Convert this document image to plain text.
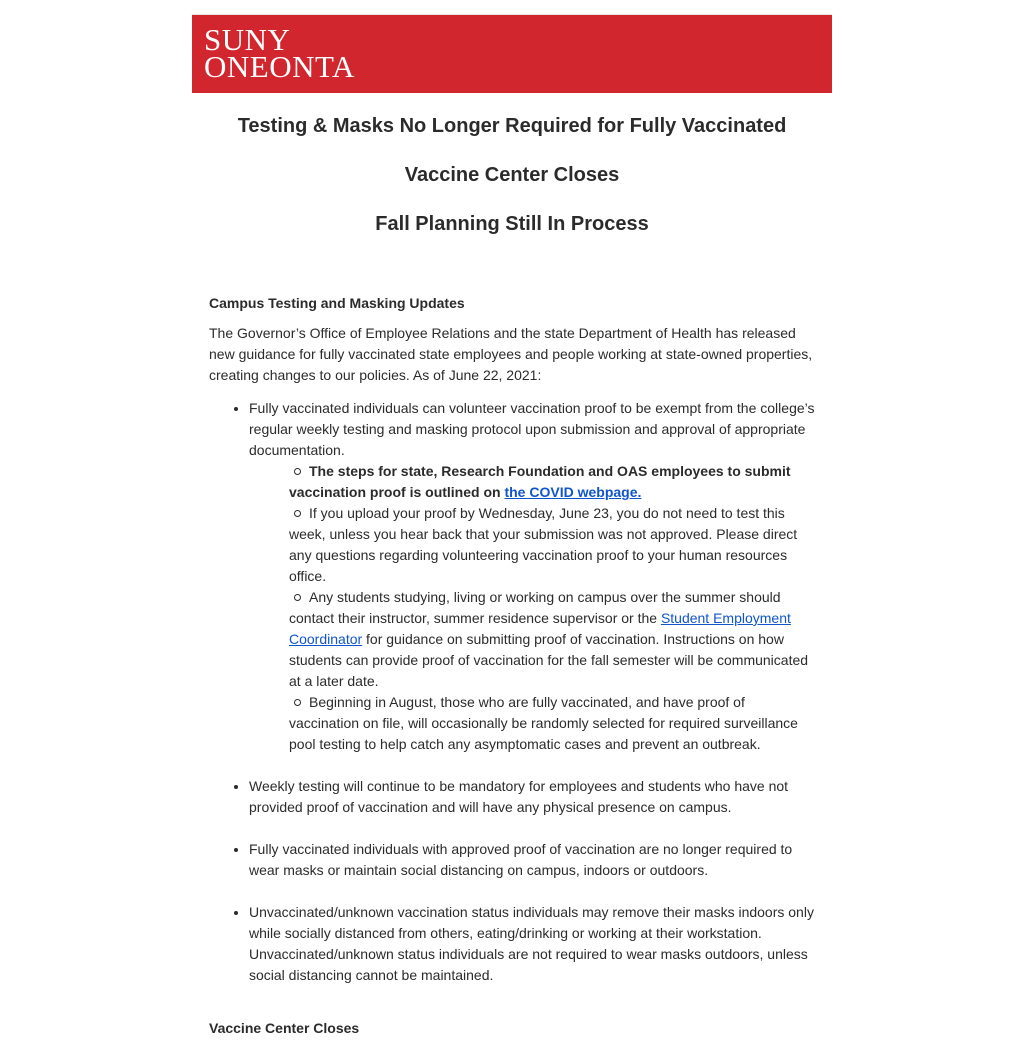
SUNY
ONEONTA
Testing & Masks No Longer Required for Fully Vaccinated
Vaccine Center Closes
Fall Planning Still In Process
Campus Testing and Masking Updates

The Governor’s Office of Employee Relations and the state Department of Health has released new guidance for fully vaccinated state employees and people working at state-owned properties, creating changes to our policies. As of June 22, 2021:

• Fully vaccinated individuals can volunteer vaccination proof to be exempt from the college’s regular weekly testing and masking protocol upon submission and approval of appropriate documentation.
The steps for state, Research Foundation and OAS employees to submit vaccination proof is outlined on the COVID webpage.
If you upload your proof by Wednesday, June 23, you do not need to test this week, unless you hear back that your submission was not approved. Please direct any questions regarding volunteering vaccination proof to your human resources office.
Any students studying, living or working on campus over the summer should contact their instructor, summer residence supervisor or the Student Employment Coordinator for guidance on submitting proof of vaccination. Instructions on how students can provide proof of vaccination for the fall semester will be communicated at a later date.
Beginning in August, those who are fully vaccinated, and have proof of vaccination on file, will occasionally be randomly selected for required surveillance pool testing to help catch any asymptomatic cases and prevent an outbreak.
• Weekly testing will continue to be mandatory for employees and students who have not provided proof of vaccination and will have any physical presence on campus.
• Fully vaccinated individuals with approved proof of vaccination are no longer required to wear masks or maintain social distancing on campus, indoors or outdoors.
• Unvaccinated/unknown vaccination status individuals may remove their masks indoors only while socially distanced from others, eating/drinking or working at their workstation. Unvaccinated/unknown status individuals are not required to wear masks outdoors, unless social distancing cannot be maintained.
Vaccine Center Closes
